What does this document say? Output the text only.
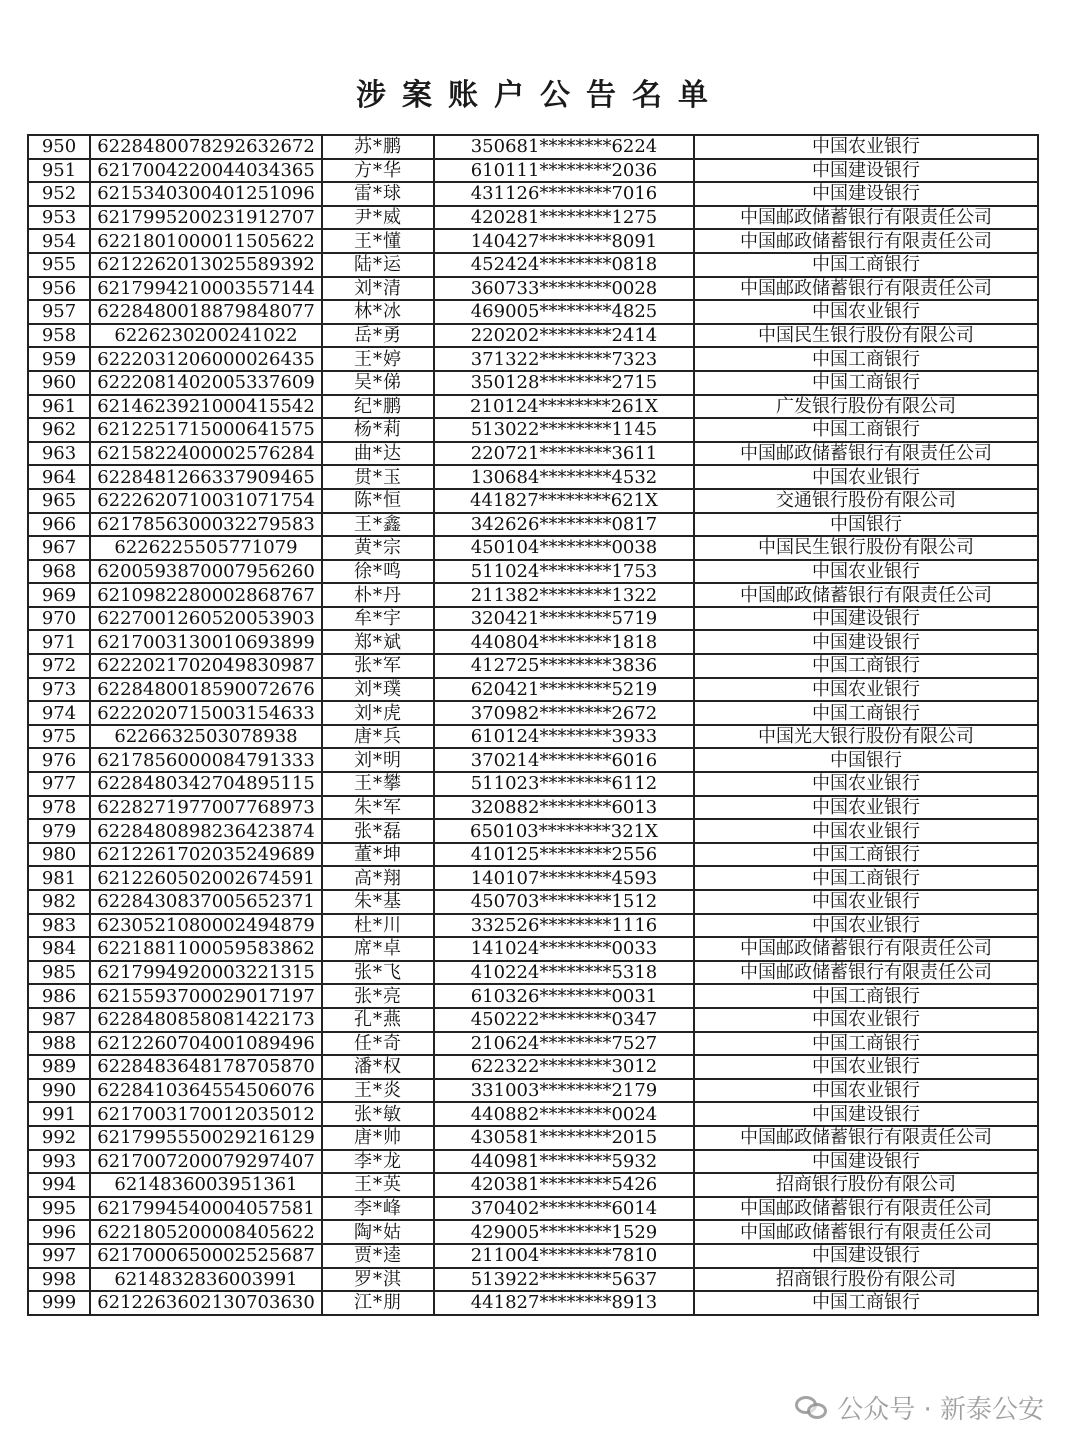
涉案账户公告名单
950	6228480078292632672	苏*鹏	350681********6224	中国农业银行
951	6217004220044034365	方*华	610111********2036	中国建设银行
952	6215340300401251096	雷*球	431126********7016	中国建设银行
953	6217995200231912707	尹*威	420281********1275	中国邮政储蓄银行有限责任公司
954	6221801000011505622	王*懂	140427********8091	中国邮政储蓄银行有限责任公司
955	6212262013025589392	陆*运	452424********0818	中国工商银行
956	6217994210003557144	刘*清	360733********0028	中国邮政储蓄银行有限责任公司
957	6228480018879848077	林*冰	469005********4825	中国农业银行
958	6226230200241022	岳*勇	220202********2414	中国民生银行股份有限公司
959	6222031206000026435	王*婷	371322********7323	中国工商银行
960	6222081402005337609	吴*俤	350128********2715	中国工商银行
961	6214623921000415542	纪*鹏	210124********261X	广发银行股份有限公司
962	6212251715000641575	杨*莉	513022********1145	中国工商银行
963	6215822400002576284	曲*达	220721********3611	中国邮政储蓄银行有限责任公司
964	6228481266337909465	贯*玉	130684********4532	中国农业银行
965	6222620710031071754	陈*恒	441827********621X	交通银行股份有限公司
966	6217856300032279583	王*鑫	342626********0817	中国银行
967	6226225505771079	黄*宗	450104********0038	中国民生银行股份有限公司
968	6200593870007956260	徐*鸣	511024********1753	中国农业银行
969	6210982280002868767	朴*丹	211382********1322	中国邮政储蓄银行有限责任公司
970	6227001260520053903	牟*宇	320421********5719	中国建设银行
971	6217003130010693899	郑*斌	440804********1818	中国建设银行
972	6222021702049830987	张*军	412725********3836	中国工商银行
973	6228480018590072676	刘*璞	620421********5219	中国农业银行
974	6222020715003154633	刘*虎	370982********2672	中国工商银行
975	6226632503078938	唐*兵	610124********3933	中国光大银行股份有限公司
976	6217856000084791333	刘*明	370214********6016	中国银行
977	6228480342704895115	王*攀	511023********6112	中国农业银行
978	6228271977007768973	朱*军	320882********6013	中国农业银行
979	6228480898236423874	张*磊	650103********321X	中国农业银行
980	6212261702035249689	董*坤	410125********2556	中国工商银行
981	6212260502002674591	高*翔	140107********4593	中国工商银行
982	6228430837005652371	朱*基	450703********1512	中国农业银行
983	6230521080002494879	杜*川	332526********1116	中国农业银行
984	6221881100059583862	席*卓	141024********0033	中国邮政储蓄银行有限责任公司
985	6217994920003221315	张*飞	410224********5318	中国邮政储蓄银行有限责任公司
986	6215593700029017197	张*亮	610326********0031	中国工商银行
987	6228480858081422173	孔*燕	450222********0347	中国农业银行
988	6212260704001089496	任*奇	210624********7527	中国工商银行
989	6228483648178705870	潘*权	622322********3012	中国农业银行
990	6228410364554506076	王*炎	331003********2179	中国农业银行
991	6217003170012035012	张*敏	440882********0024	中国建设银行
992	6217995550029216129	唐*帅	430581********2015	中国邮政储蓄银行有限责任公司
993	6217007200079297407	李*龙	440981********5932	中国建设银行
994	6214836003951361	王*英	420381********5426	招商银行股份有限公司
995	6217994540004057581	李*峰	370402********6014	中国邮政储蓄银行有限责任公司
996	6221805200008405622	陶*姑	429005********1529	中国邮政储蓄银行有限责任公司
997	6217000650002525687	贾*逵	211004********7810	中国建设银行
998	6214832836003991	罗*淇	513922********5637	招商银行股份有限公司
999	6212263602130703630	江*朋	441827********8913	中国工商银行
公众号 · 新泰公安
